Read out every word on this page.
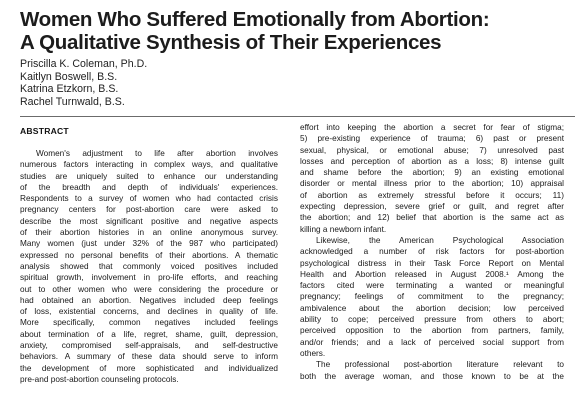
Women Who Suffered Emotionally from Abortion:
A Qualitative Synthesis of Their Experiences
Priscilla K. Coleman, Ph.D.
Kaitlyn Boswell, B.S.
Katrina Etzkorn, B.S.
Rachel Turnwald, B.S.
ABSTRACT
Women's adjustment to life after abortion involves
numerous factors interacting in complex ways, and qualitative
studies are uniquely suited to enhance our understanding
of the breadth and depth of individuals' experiences.
Respondents to a survey of women who had contacted crisis
pregnancy centers for post-abortion care were asked to
describe the most significant positive and negative aspects
of their abortion histories in an online anonymous survey.
Many women (just under 32% of the 987 who participated)
expressed no personal benefits of their abortions. A thematic
analysis showed that commonly voiced positives included
spiritual growth, involvement in pro-life efforts, and reaching
out to other women who were considering the procedure or
had obtained an abortion. Negatives included deep feelings
of loss, existential concerns, and declines in quality of life.
More specifically, common negatives included feelings
about termination of a life, regret, shame, guilt, depression,
anxiety, compromised self-appraisals, and self-destructive
behaviors. A summary of these data should serve to inform
the development of more sophisticated and individualized
pre-and post-abortion counseling protocols.
effort into keeping the abortion a secret for fear of stigma;
5) pre-existing experience of trauma; 6) past or present
sexual, physical, or emotional abuse; 7) unresolved past
losses and perception of abortion as a loss; 8) intense guilt
and shame before the abortion; 9) an existing emotional
disorder or mental illness prior to the abortion; 10) appraisal
of abortion as extremely stressful before it occurs; 11)
expecting depression, severe grief or guilt, and regret after
the abortion; and 12) belief that abortion is the same act as
killing a newborn infant.
Likewise, the American Psychological Association
acknowledged a number of risk factors for post-abortion
psychological distress in their Task Force Report on Mental
Health and Abortion released in August 2008.¹ Among the
factors cited were terminating a wanted or meaningful
pregnancy; feelings of commitment to the pregnancy;
ambivalence about the abortion decision; low perceived
ability to cope; perceived pressure from others to abort;
perceived opposition to the abortion from partners, family,
and/or friends; and a lack of perceived social support from
others.
The professional post-abortion literature relevant to
both the average woman, and those known to be at the
